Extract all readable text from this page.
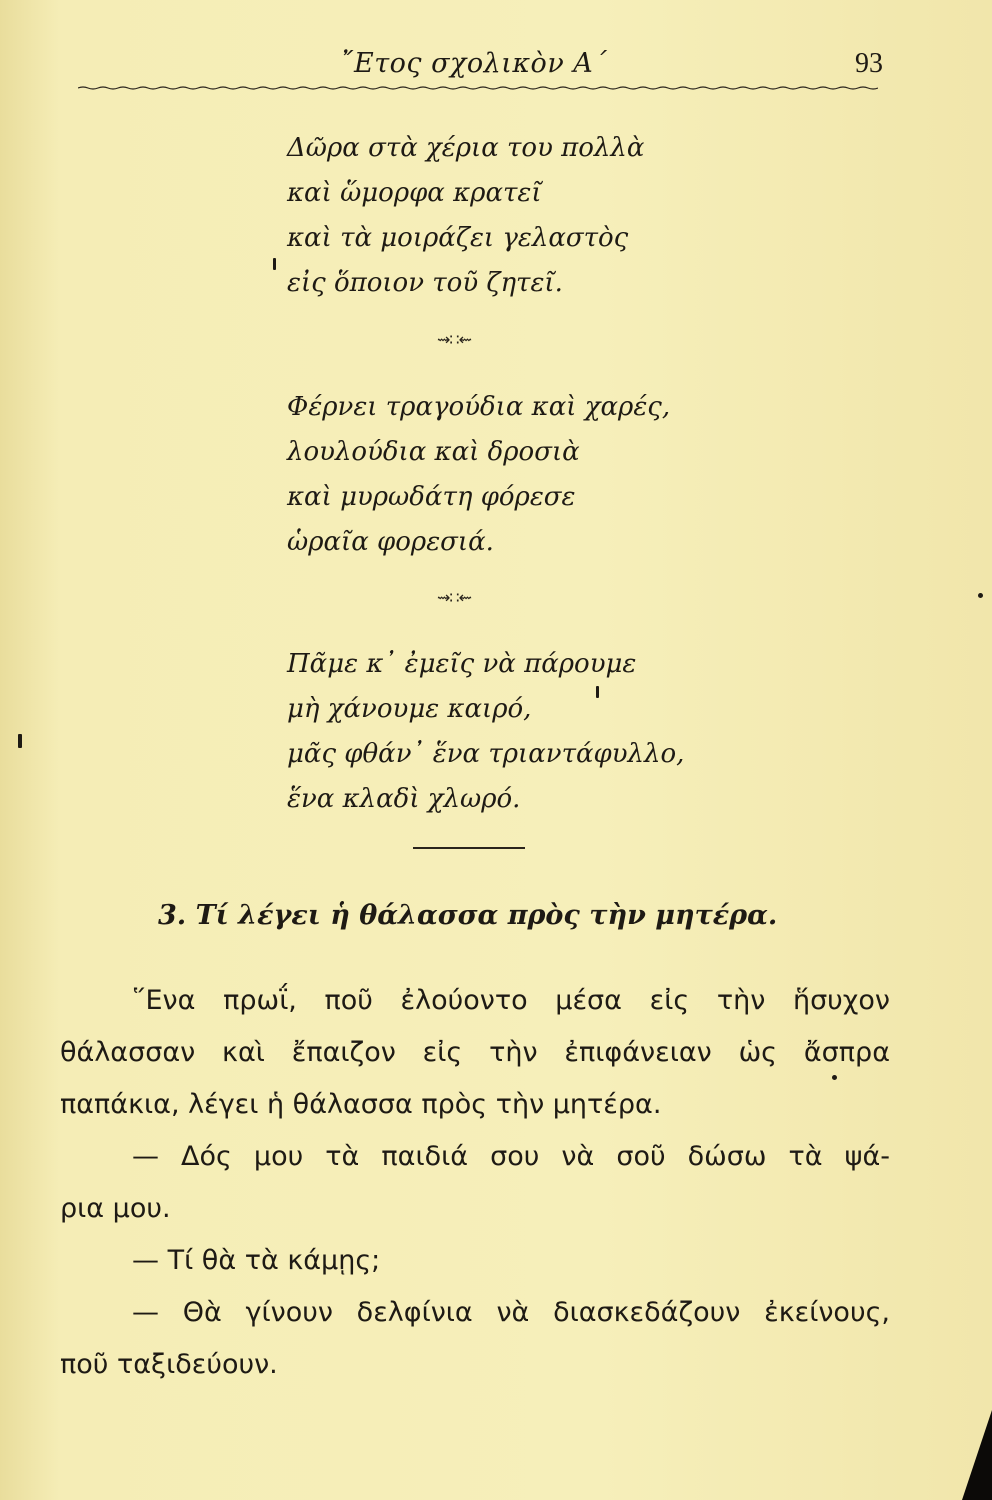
῎Ετος σχολικὸν Α΄	93
Δῶρα στὰ χέρια του πολλὰ
καὶ ὥμορφα κρατεῖ
καὶ τὰ μοιράζει γελαστὸς
εἰς ὅποιον τοῦ ζητεῖ.
⇝∷⇜
Φέρνει τραγούδια καὶ χαρές,
λουλούδια καὶ δροσιὰ
καὶ μυρωδάτη φόρεσε
ὡραῖα φορεσιά.
⇝∷⇜
Πᾶμε κ᾽ ἐμεῖς νὰ πάρουμε
μὴ χάνουμε καιρό,
μᾶς φθάν᾽ ἕνα τριαντάφυλλο,
ἕνα κλαδὶ χλωρό.
3. Τί λέγει ἡ θάλασσα πρὸς τὴν μητέρα.
῞Ενα πρωΐ, ποῦ ἐλούοντο μέσα εἰς τὴν ἥσυχον
θάλασσαν καὶ ἔπαιζον εἰς τὴν ἐπιφάνειαν ὡς ἄσπρα
παπάκια, λέγει ἡ θάλασσα πρὸς τὴν μητέρα.
— Δός μου τὰ παιδιά σου νὰ σοῦ δώσω τὰ ψά-
ρια μου.
— Τί θὰ τὰ κάμῃς;
— Θὰ γίνουν δελφίνια νὰ διασκεδάζουν ἐκείνους,
ποῦ ταξιδεύουν.
